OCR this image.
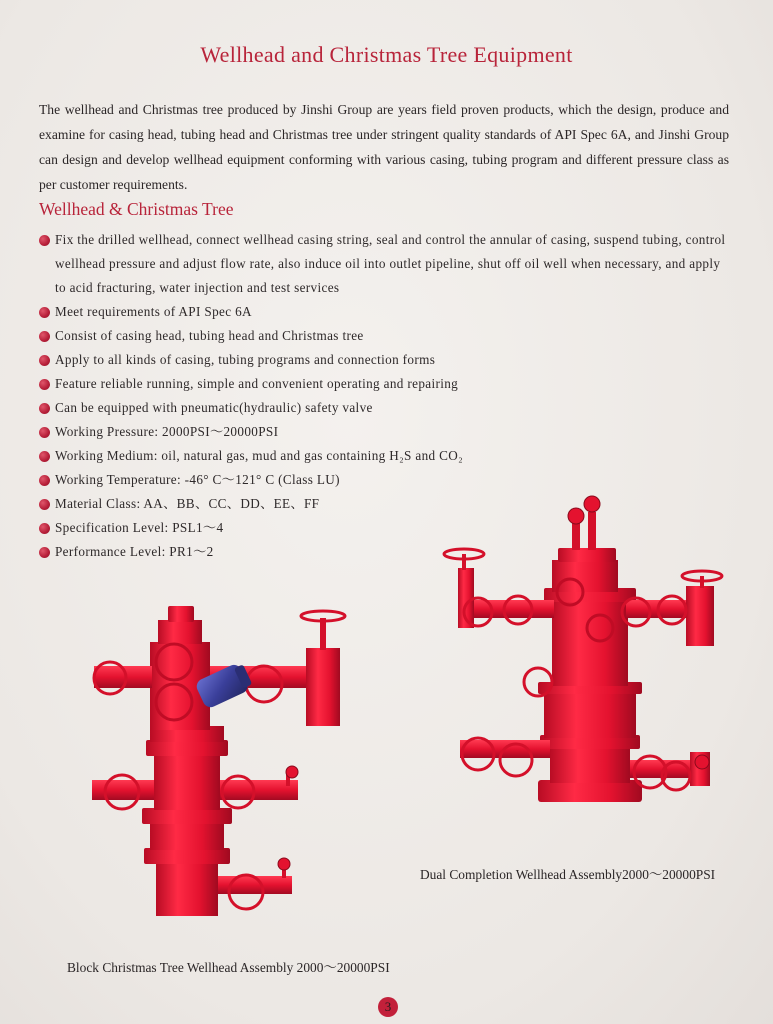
Wellhead and Christmas Tree Equipment
The wellhead and Christmas tree produced by Jinshi Group are years field proven products, which the design, produce and examine for casing head, tubing head and Christmas tree under stringent quality standards of API Spec 6A, and Jinshi Group can design and develop wellhead equipment conforming with various casing, tubing program and different pressure class as per customer requirements.
Wellhead & Christmas Tree
Fix the drilled wellhead, connect wellhead casing string, seal and control the annular of casing, suspend tubing, control wellhead pressure and adjust flow rate, also induce oil into outlet pipeline, shut off oil well when necessary, and apply to acid fracturing, water injection and test services
Meet requirements of API Spec 6A
Consist of casing head, tubing head and Christmas tree
Apply to all kinds of casing, tubing programs and connection forms
Feature reliable running, simple and convenient operating and repairing
Can be equipped with pneumatic(hydraulic) safety valve
Working Pressure: 2000PSI～20000PSI
Working Medium: oil, natural gas, mud and gas containing H₂S and CO₂
Working Temperature: -46° C～121° C (Class LU)
Material Class: AA、BB、CC、DD、EE、FF
Specification Level: PSL1～4
Performance Level: PR1～2
Dual Completion Wellhead Assembly2000～20000PSI
Block Christmas Tree Wellhead Assembly 2000～20000PSI
3
